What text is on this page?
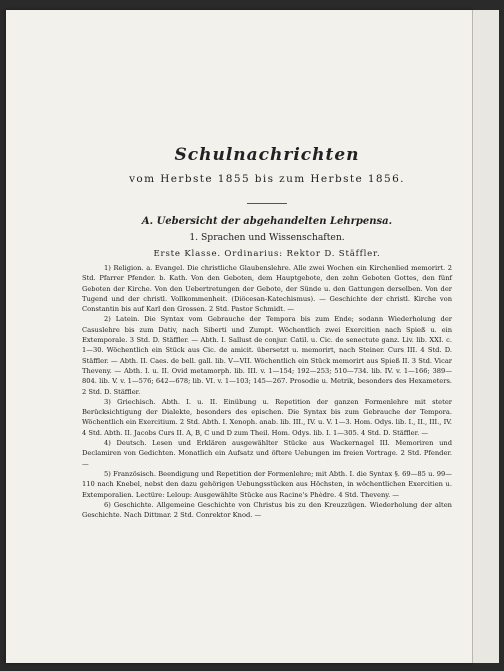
Schulnachrichten
vom Herbste 1855 bis zum Herbste 1856.
A. Uebersicht der abgehandelten Lehrpensa.
1. Sprachen und Wissenschaften.
Erste Klasse. Ordinarius: Rektor D. Stäffler.

1) Religion. a. Evangel. Die christliche Glaubenslehre. Alle zwei Wochen ein Kirchenlied memorirt. 2 Std. Pfarrer Pfender. b. Kath. Von den Geboten, dem Hauptgebote, den zehn Geboten Gottes, den fünf Geboten der Kirche. Von den Uebertretungen der Gebote, der Sünde u. den Gattungen derselben. Von der Tugend und der christl. Vollkommenheit. (Diöcesan-Katechismus). — Geschichte der christl. Kirche von Constantin bis auf Karl den Grossen. 2 Std. Pastor Schmidt. —

2) Latein. Die Syntax vom Gebrauche der Tempora bis zum Ende; sodann Wiederholung der Casuslehre bis zum Dativ, nach Siberti und Zumpt. Wöchentlich zwei Exercitien nach Spieß u. ein Extemporale. 3 Std. D. Stäffler. — Abth. I. Sallust de conjur. Catil. u. Cic. de senectute ganz. Liv. lib. XXI. c. 1—30. Wöchentlich ein Stück aus Cic. de amicit. übersetzt u. memorirt, nach Steiner. Curs III. 4 Std. D. Stäffler. — Abth. II. Caes. de bell. gall. lib. V—VII. Wöchentlich ein Stück memorirt aus Spieß II. 3 Std. Vicar Theveny. — Abth. I. u. II. Ovid metamorph. lib. III. v. 1—154; 192—253; 510—734. lib. IV. v. 1—166; 389—804. lib. V. v. 1—576; 642—678; lib. VI. v. 1—103; 145—267. Prosodie u. Metrik, besonders des Hexameters. 2 Std. D. Stäffler.

3) Griechisch. Abth. I. u. II. Einübung u. Repetition der ganzen Formenlehre mit steter Berücksichtigung der Dialekte, besonders des epischen. Die Syntax bis zum Gebrauche der Tempora. Wöchentlich ein Exercitium. 2 Std. Abth. I. Xenoph. anab. lib. III., IV. u. V. 1—3. Hom. Odys. lib. I., II., III., IV. 4 Std. Abth. II. Jacobs Curs II. A, B, C und D zum Theil. Hom. Odys. lib. I. 1—305. 4 Std. D. Stäffler. —

4) Deutsch. Lesen und Erklären ausgewählter Stücke aus Wackernagel III. Memoriren und Declamiren von Gedichten. Monatlich ein Aufsatz und öftere Uebungen im freien Vortrage. 2 Std. Pfender. —

5) Französisch. Beendigung und Repetition der Formenlehre; mit Abth. I. die Syntax §. 69—85 u. 99—110 nach Knebel, nebst den dazu gehörigen Uebungsstücken aus Höchsten, in wöchentlichen Exercitien u. Extemporalien. Lectüre: Leloup: Ausgewählte Stücke aus Racine's Phèdre. 4 Std. Theveny. —

6) Geschichte. Allgemeine Geschichte von Christus bis zu den Kreuzzügen. Wiederholung der alten Geschichte. Nach Dittmar. 2 Std. Conrektor Knod. —
